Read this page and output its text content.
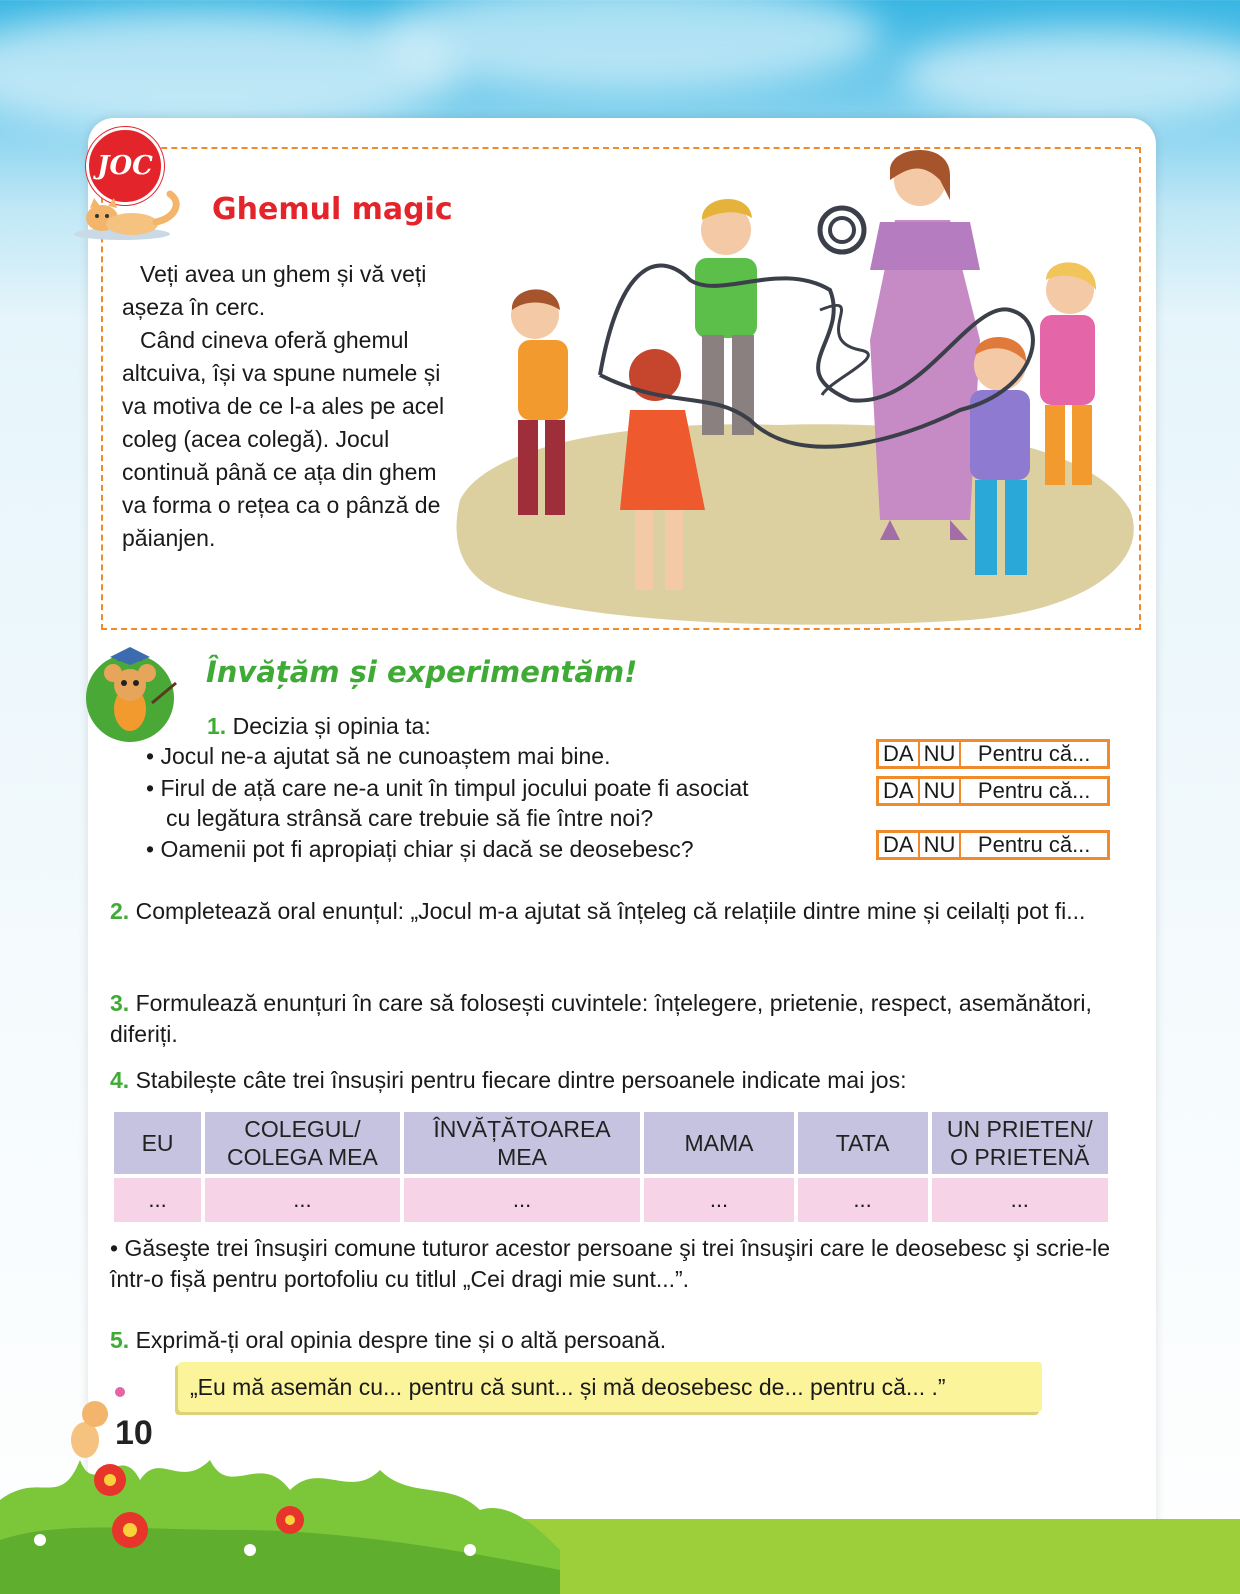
JOC
Ghemul magic

Veți avea un ghem și vă veți așeza în cerc.

Când cineva oferă ghemul altcuiva, își va spune numele și va motiva de ce l-a ales pe acel coleg (acea colegă). Jocul continuă până ce ața din ghem va forma o rețea ca o pânză de păianjen.

Învățăm și experimentăm!
1. Decizia și opinia ta:
• Jocul ne-a ajutat să ne cunoaștem mai bine.
• Firul de ață care ne-a unit în timpul jocului poate fi asociat
cu legătura strânsă care trebuie să fie între noi?
• Oamenii pot fi apropiați chiar și dacă se deosebesc?
DA NU	Pentru că...
DA NU	Pentru că...
DA NU	Pentru că...
2. Completează oral enunțul: „Jocul m-a ajutat să înțeleg că relațiile dintre mine și ceilalți pot fi...
3. Formulează enunțuri în care să folosești cuvintele: înțelegere, prietenie, respect, asemănători, diferiți.
4. Stabilește câte trei însușiri pentru fiecare dintre persoanele indicate mai jos:
EU	COLEGUL/ COLEGA MEA	ÎNVĂȚĂTOAREA MEA	MAMA	TATA	UN PRIETEN/ O PRIETENĂ
...	...	...	...	...	...
• Găseşte trei însuşiri comune tuturor acestor persoane şi trei însuşiri care le deosebesc şi scrie-le într-o fișă pentru portofoliu cu titlul „Cei dragi mie sunt...”.
5. Exprimă-ți oral opinia despre tine și o altă persoană.
„Eu mă asemăn cu... pentru că sunt... și mă deosebesc de... pentru că... .”
10
